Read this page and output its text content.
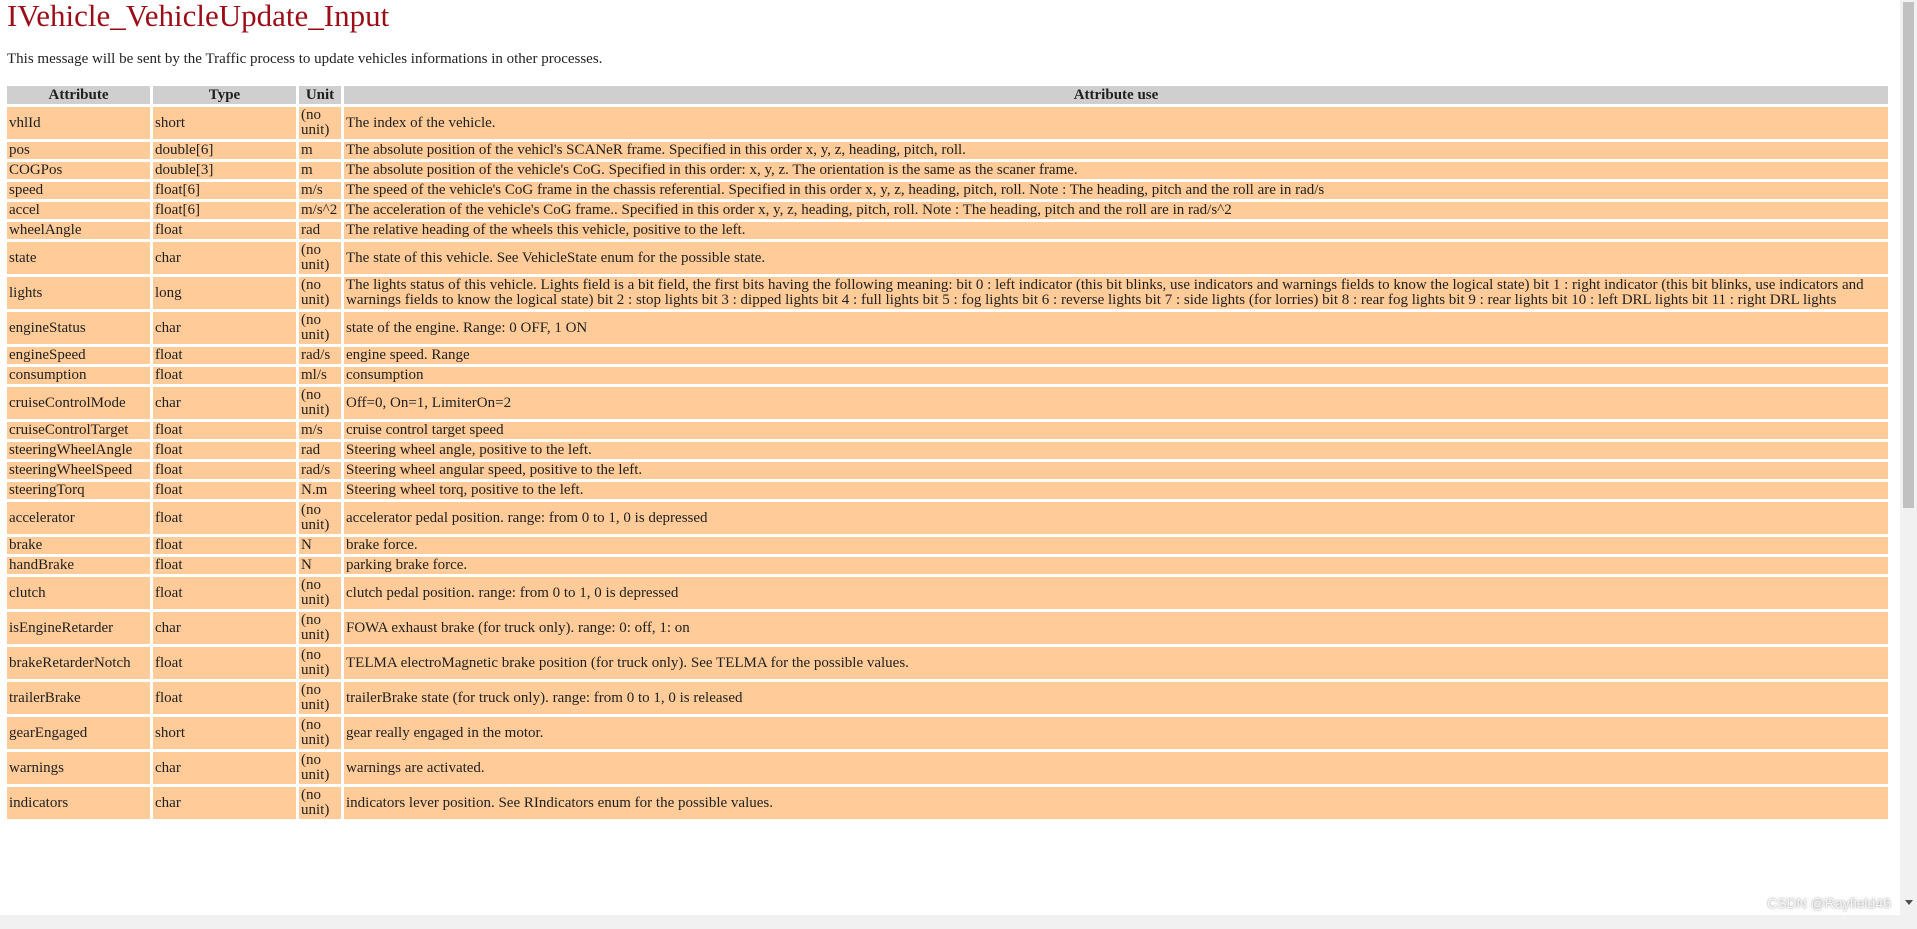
IVehicle_VehicleUpdate_Input

This message will be sent by the Traffic process to update vehicles informations in other processes.

Attribute	Type	Unit	Attribute use
vhlId	short	(no unit)	The index of the vehicle.
pos	double[6]	m	The absolute position of the vehicl's SCANeR frame. Specified in this order x, y, z, heading, pitch, roll.
COGPos	double[3]	m	The absolute position of the vehicle's CoG. Specified in this order: x, y, z. The orientation is the same as the scaner frame.
speed	float[6]	m/s	The speed of the vehicle's CoG frame in the chassis referential. Specified in this order x, y, z, heading, pitch, roll. Note : The heading, pitch and the roll are in rad/s
accel	float[6]	m/s^2	The acceleration of the vehicle's CoG frame.. Specified in this order x, y, z, heading, pitch, roll. Note : The heading, pitch and the roll are in rad/s^2
wheelAngle	float	rad	The relative heading of the wheels this vehicle, positive to the left.
state	char	(no unit)	The state of this vehicle. See VehicleState enum for the possible state.
lights	long	(no unit)	The lights status of this vehicle. Lights field is a bit field, the first bits having the following meaning: bit 0 : left indicator (this bit blinks, use indicators and warnings fields to know the logical state) bit 1 : right indicator (this bit blinks, use indicators and warnings fields to know the logical state) bit 2 : stop lights bit 3 : dipped lights bit 4 : full lights bit 5 : fog lights bit 6 : reverse lights bit 7 : side lights (for lorries) bit 8 : rear fog lights bit 9 : rear lights bit 10 : left DRL lights bit 11 : right DRL lights
engineStatus	char	(no unit)	state of the engine. Range: 0 OFF, 1 ON
engineSpeed	float	rad/s	engine speed. Range
consumption	float	ml/s	consumption
cruiseControlMode	char	(no unit)	Off=0, On=1, LimiterOn=2
cruiseControlTarget	float	m/s	cruise control target speed
steeringWheelAngle	float	rad	Steering wheel angle, positive to the left.
steeringWheelSpeed	float	rad/s	Steering wheel angular speed, positive to the left.
steeringTorq	float	N.m	Steering wheel torq, positive to the left.
accelerator	float	(no unit)	accelerator pedal position. range: from 0 to 1, 0 is depressed
brake	float	N	brake force.
handBrake	float	N	parking brake force.
clutch	float	(no unit)	clutch pedal position. range: from 0 to 1, 0 is depressed
isEngineRetarder	char	(no unit)	FOWA exhaust brake (for truck only). range: 0: off, 1: on
brakeRetarderNotch	float	(no unit)	TELMA electroMagnetic brake position (for truck only). See TELMA for the possible values.
trailerBrake	float	(no unit)	trailerBrake state (for truck only). range: from 0 to 1, 0 is released
gearEngaged	short	(no unit)	gear really engaged in the motor.
warnings	char	(no unit)	warnings are activated.
indicators	char	(no unit)	indicators lever position. See RIndicators enum for the possible values.
CSDN @Rayfield46
